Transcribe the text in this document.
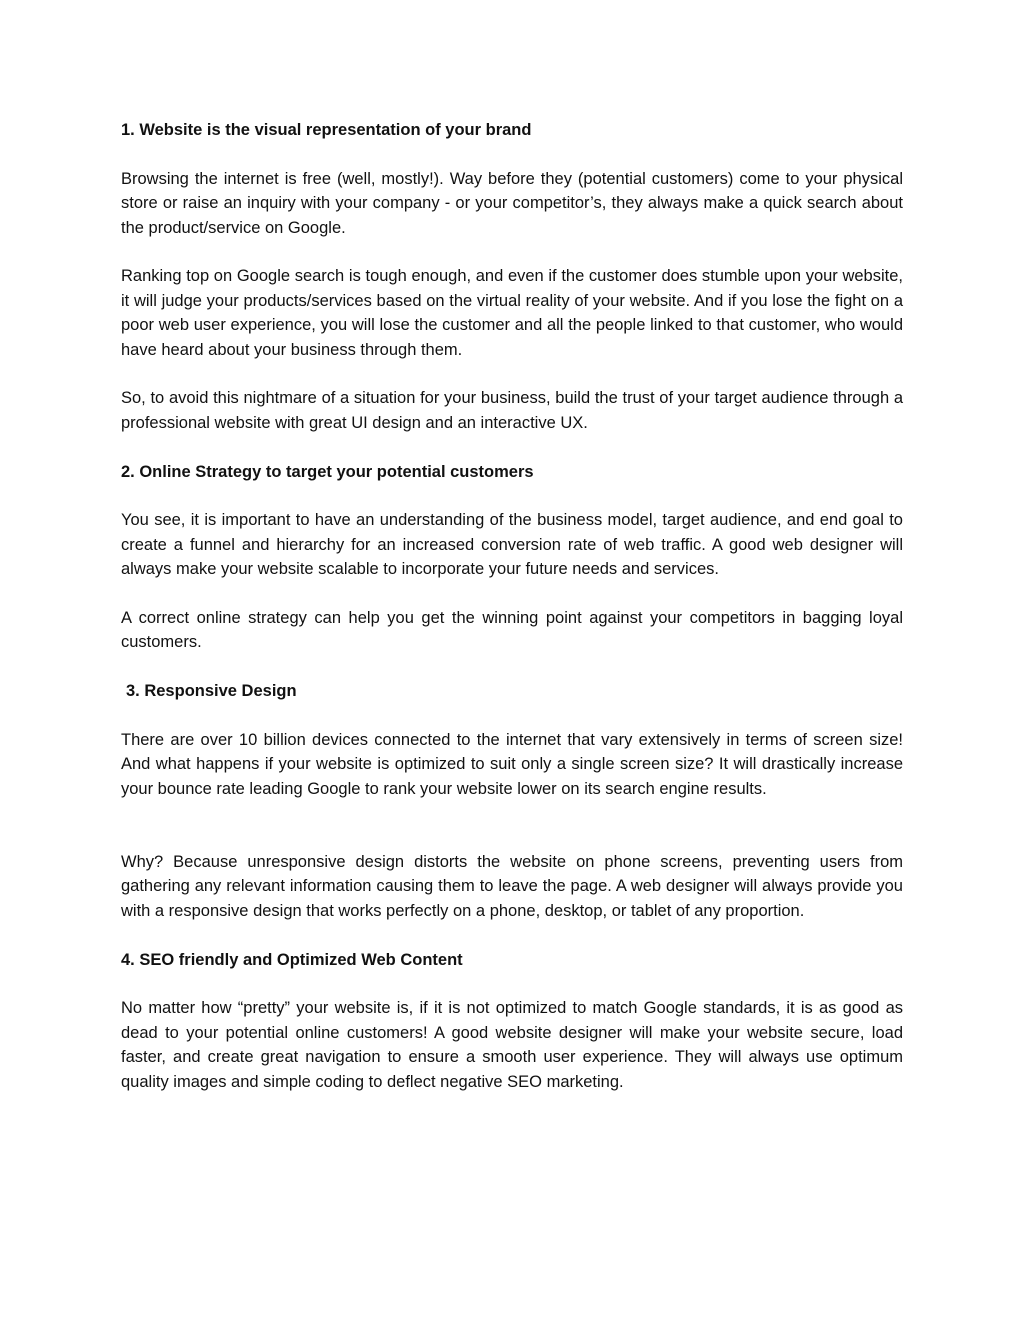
1. Website is the visual representation of your brand

Browsing the internet is free (well, mostly!). Way before they (potential customers) come to your physical store or raise an inquiry with your company - or your competitor’s, they always make a quick search about the product/service on Google.

Ranking top on Google search is tough enough, and even if the customer does stumble upon your website, it will judge your products/services based on the virtual reality of your website. And if you lose the fight on a poor web user experience, you will lose the customer and all the people linked to that customer, who would have heard about your business through them.

So, to avoid this nightmare of a situation for your business, build the trust of your target audience through a professional website with great UI design and an interactive UX.

2. Online Strategy to target your potential customers

You see, it is important to have an understanding of the business model, target audience, and end goal to create a funnel and hierarchy for an increased conversion rate of web traffic. A good web designer will always make your website scalable to incorporate your future needs and services.

A correct online strategy can help you get the winning point against your competitors in bagging loyal customers.

3. Responsive Design

There are over 10 billion devices connected to the internet that vary extensively in terms of screen size! And what happens if your website is optimized to suit only a single screen size? It will drastically increase your bounce rate leading Google to rank your website lower on its search engine results.

Why? Because unresponsive design distorts the website on phone screens, preventing users from gathering any relevant information causing them to leave the page. A web designer will always provide you with a responsive design that works perfectly on a phone, desktop, or tablet of any proportion.

4. SEO friendly and Optimized Web Content

No matter how “pretty” your website is, if it is not optimized to match Google standards, it is as good as dead to your potential online customers! A good website designer will make your website secure, load faster, and create great navigation to ensure a smooth user experience. They will always use optimum quality images and simple coding to deflect negative SEO marketing.
